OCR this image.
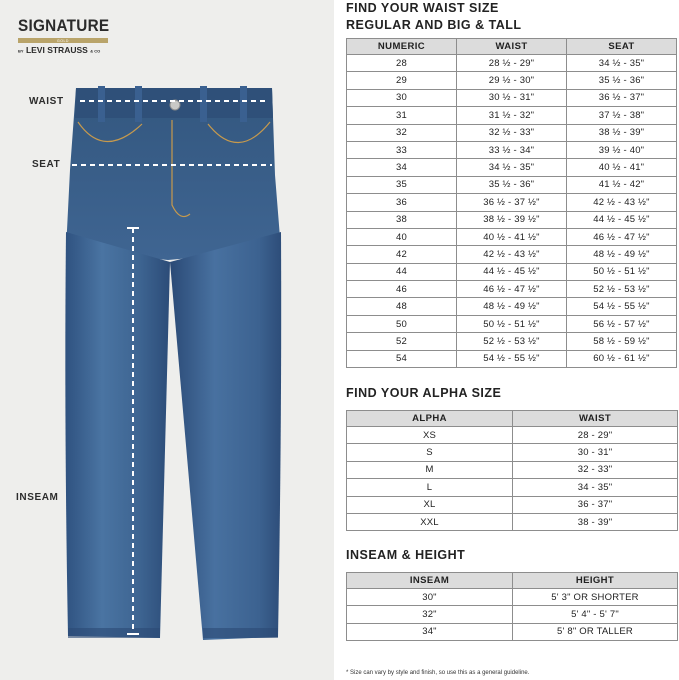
SIGNATURE
GOLD
BY LEVI STRAUSS & CO
WAIST
SEAT
INSEAM
FIND YOUR WAIST SIZE
REGULAR AND BIG & TALL
NUMERIC	WAIST	SEAT
28	28 ½ - 29"	34 ½ - 35"
29	29 ½ - 30"	35 ½ - 36"
30	30 ½ - 31"	36 ½ - 37"
31	31 ½ - 32"	37 ½ - 38"
32	32 ½ - 33"	38 ½ - 39"
33	33 ½ - 34"	39 ½ - 40"
34	34 ½ - 35"	40 ½ - 41"
35	35 ½ - 36"	41 ½ - 42"
36	36 ½ - 37 ½"	42 ½ - 43 ½"
38	38 ½ - 39 ½"	44 ½ - 45 ½"
40	40 ½ - 41 ½"	46 ½ - 47 ½"
42	42 ½ - 43 ½"	48 ½ - 49 ½"
44	44 ½ - 45 ½"	50 ½ - 51 ½"
46	46 ½ - 47 ½"	52 ½ - 53 ½"
48	48 ½ - 49 ½"	54 ½ - 55 ½"
50	50 ½ - 51 ½"	56 ½ - 57 ½"
52	52 ½ - 53 ½"	58 ½ - 59 ½"
54	54 ½ - 55 ½"	60 ½ - 61 ½"
FIND YOUR ALPHA SIZE
ALPHA	WAIST
XS	28 - 29"
S	30 - 31"
M	32 - 33"
L	34 - 35"
XL	36 - 37"
XXL	38 - 39"
INSEAM & HEIGHT
INSEAM	HEIGHT
30"	5' 3" OR SHORTER
32"	5' 4" - 5' 7"
34"	5' 8" OR TALLER
* Size can vary by style and finish, so use this as a general guideline.
